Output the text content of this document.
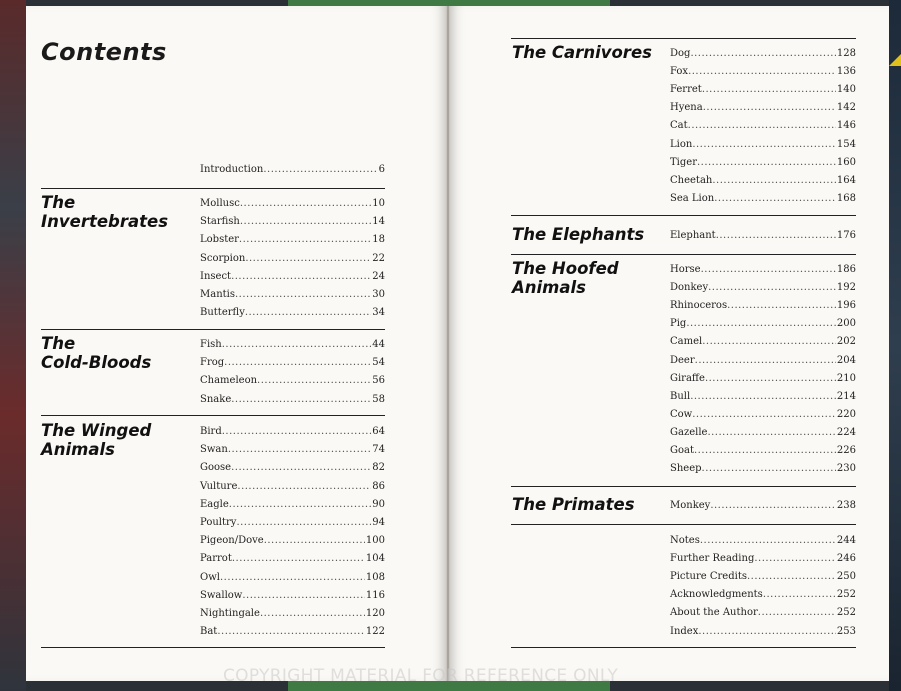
Contents
Introduction .....	6
The
Invertebrates
Mollusc .....	10
Starfish .....	14
Lobster .....	18
Scorpion .....	22
Insect .....	24
Mantis .....	30
Butterfly .....	34
The
Cold-Bloods
Fish .....	44
Frog .....	54
Chameleon .....	56
Snake .....	58
The Winged
Animals
Bird .....	64
Swan .....	74
Goose .....	82
Vulture .....	86
Eagle .....	90
Poultry .....	94
Pigeon/Dove .....	100
Parrot .....	104
Owl .....	108
Swallow .....	116
Nightingale .....	120
Bat .....	122
The Carnivores Dog .....	128
Fox .....	136
Ferret .....	140
Hyena .....	142
Cat .....	146
Lion .....	154
Tiger .....	160
Cheetah .....	164
Sea Lion .....	168
The Elephants	Elephant .....	176
The Hoofed
Animals
Horse .....	186
Donkey .....	192
Rhinoceros .....	196
Pig .....	200
Camel .....	202
Deer .....	204
Giraffe .....	210
Bull .....	214
Cow .....	220
Gazelle .....	224
Goat .....	226
Sheep .....	230
The Primates	Monkey .....	238
Notes .....	244
Further Reading .....	246
Picture Credits .....	250
Acknowledgments .....	252
About the Author .....	252
Index .....	253
COPYRIGHT MATERIAL FOR REFERENCE ONLY
